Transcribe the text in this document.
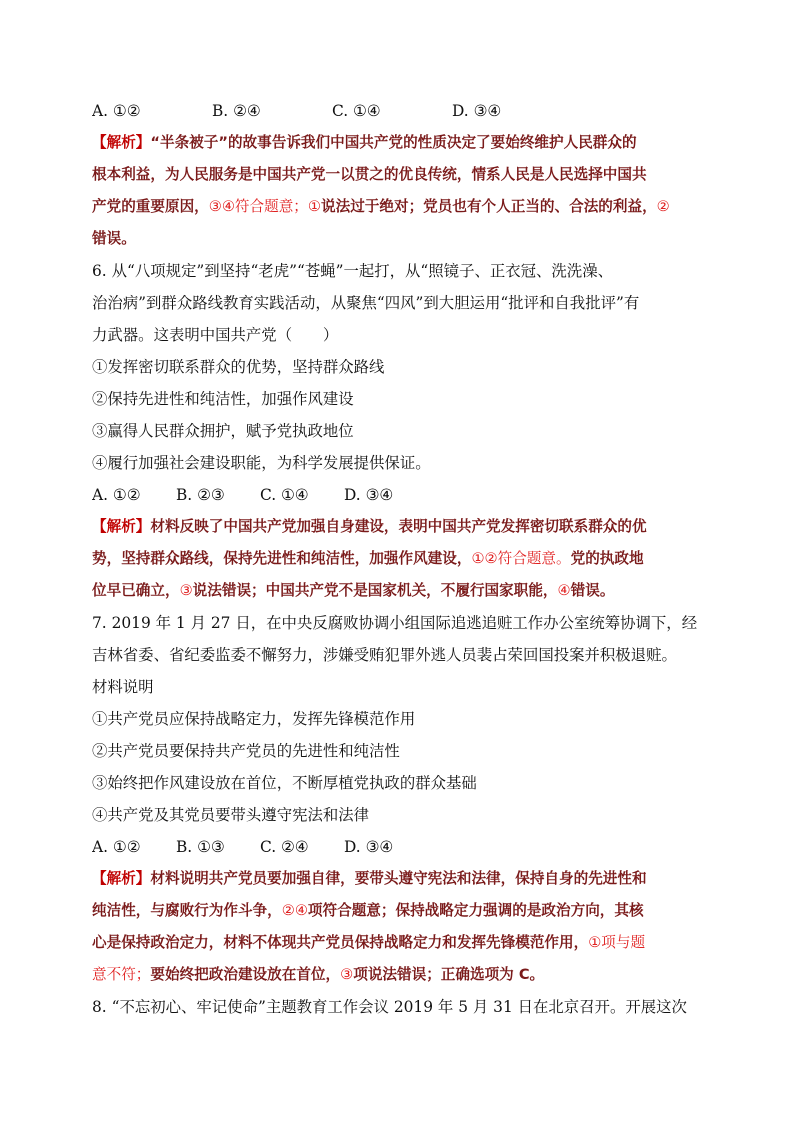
A. ①②	B. ②④	C. ①④	D. ③④

【解析】“半条被子”的故事告诉我们中国共产党的性质决定了要始终维护人民群众的

根本利益，为人民服务是中国共产党一以贯之的优良传统，情系人民是人民选择中国共

产党的重要原因，③④符合题意；①说法过于绝对；党员也有个人正当的、合法的利益，②

错误。

6. 从“八项规定”到坚持“老虎”“苍蝇”一起打，从“照镜子、正衣冠、洗洗澡、

治治病”到群众路线教育实践活动，从聚焦“四风”到大胆运用“批评和自我批评”有

力武器。这表明中国共产党（　　）

①发挥密切联系群众的优势，坚持群众路线

②保持先进性和纯洁性，加强作风建设

③赢得人民群众拥护，赋予党执政地位

④履行加强社会建设职能，为科学发展提供保证。

A. ①②	B. ②③	C. ①④	D. ③④

【解析】材料反映了中国共产党加强自身建设，表明中国共产党发挥密切联系群众的优

势，坚持群众路线，保持先进性和纯洁性，加强作风建设，①②符合题意。党的执政地

位早已确立，③说法错误；中国共产党不是国家机关，不履行国家职能，④错误。

7. 2019 年 1 月 27 日，在中央反腐败协调小组国际追逃追赃工作办公室统筹协调下，经

吉林省委、省纪委监委不懈努力，涉嫌受贿犯罪外逃人员裴占荣回国投案并积极退赃。

材料说明

①共产党员应保持战略定力，发挥先锋模范作用

②共产党员要保持共产党员的先进性和纯洁性

③始终把作风建设放在首位，不断厚植党执政的群众基础

④共产党及其党员要带头遵守宪法和法律

A. ①②	B. ①③	C. ②④	D. ③④

【解析】材料说明共产党员要加强自律，要带头遵守宪法和法律，保持自身的先进性和

纯洁性，与腐败行为作斗争，②④项符合题意；保持战略定力强调的是政治方向，其核

心是保持政治定力，材料不体现共产党员保持战略定力和发挥先锋模范作用，①项与题

意不符；要始终把政治建设放在首位，③项说法错误；正确选项为 C。

8. “不忘初心、牢记使命”主题教育工作会议 2019 年 5 月 31 日在北京召开。开展这次
